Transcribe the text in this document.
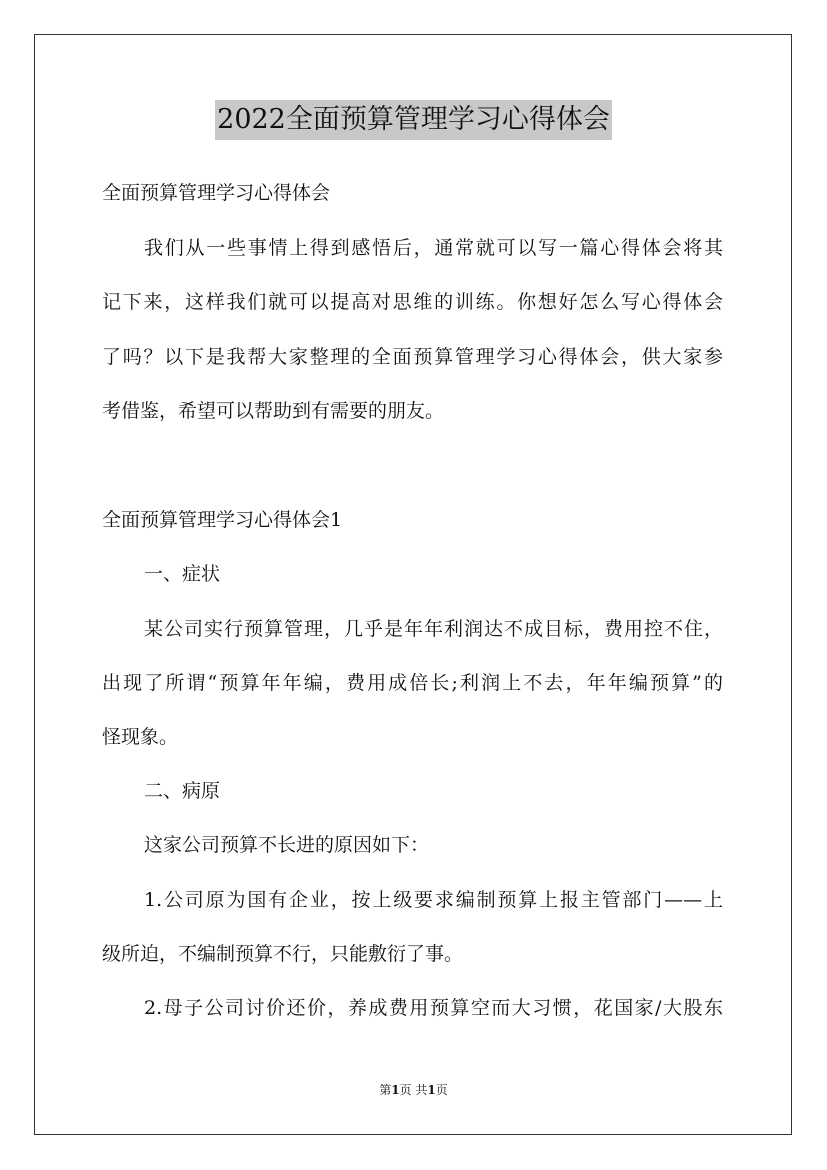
2022全面预算管理学习心得体会
全面预算管理学习心得体会
我们从一些事情上得到感悟后，通常就可以写一篇心得体会将其
记下来，这样我们就可以提高对思维的训练。你想好怎么写心得体会
了吗？以下是我帮大家整理的全面预算管理学习心得体会，供大家参
考借鉴，希望可以帮助到有需要的朋友。
全面预算管理学习心得体会1
一、症状
某公司实行预算管理，几乎是年年利润达不成目标，费用控不住，
出现了所谓“预算年年编，费用成倍长;利润上不去，年年编预算”的
怪现象。
二、病原
这家公司预算不长进的原因如下：
1.公司原为国有企业，按上级要求编制预算上报主管部门——上
级所迫，不编制预算不行，只能敷衍了事。
2.母子公司讨价还价，养成费用预算空而大习惯，花国家/大股东
第1页 共1页
